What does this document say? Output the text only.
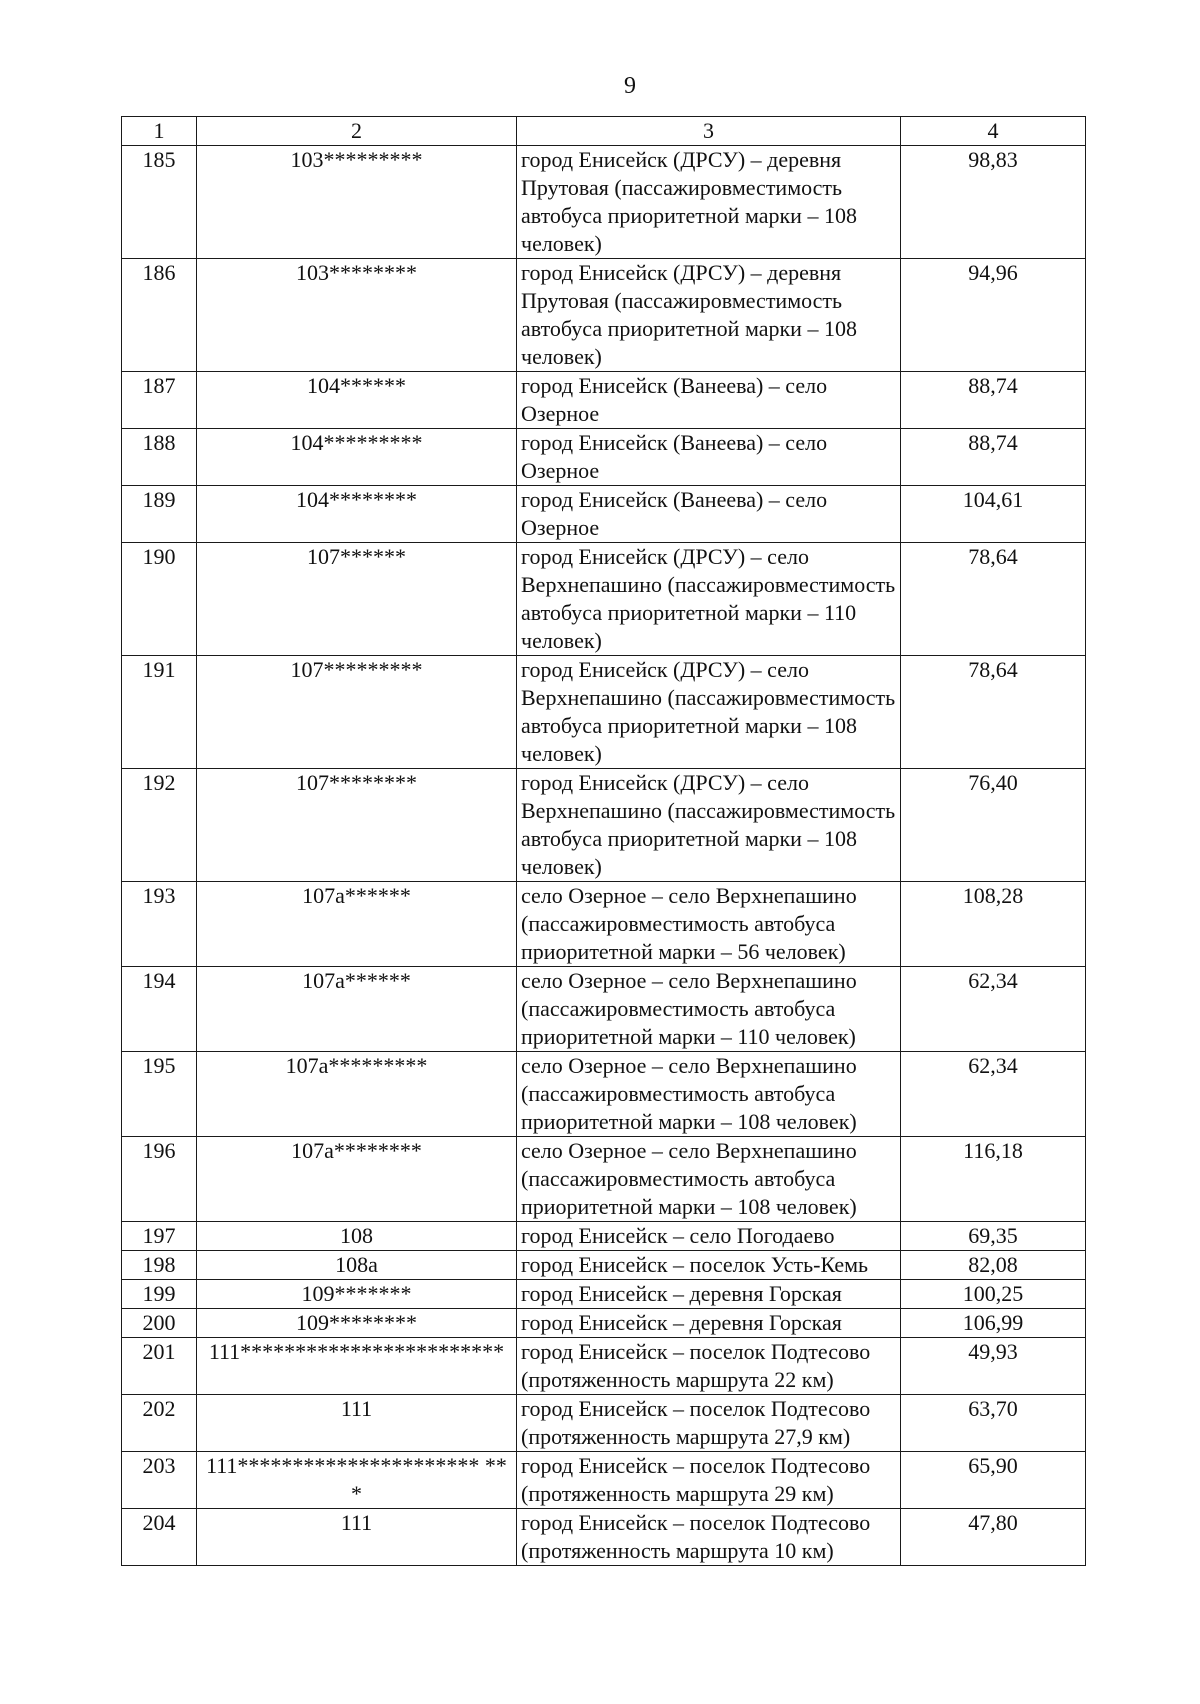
9
1	2	3	4
185	103*********	город Енисейск (ДРСУ) – деревня Прутовая (пассажировместимость автобуса приоритетной марки – 108 человек)	98,83
186	103********	город Енисейск (ДРСУ) – деревня Прутовая (пассажировместимость автобуса приоритетной марки – 108 человек)	94,96
187	104******	город Енисейск (Ванеева) – село Озерное	88,74
188	104*********	город Енисейск (Ванеева) – село Озерное	88,74
189	104********	город Енисейск (Ванеева) – село Озерное	104,61
190	107******	город Енисейск (ДРСУ) – село Верхнепашино (пассажировместимость автобуса приоритетной марки – 110 человек)	78,64
191	107*********	город Енисейск (ДРСУ) – село Верхнепашино (пассажировместимость автобуса приоритетной марки – 108 человек)	78,64
192	107********	город Енисейск (ДРСУ) – село Верхнепашино (пассажировместимость автобуса приоритетной марки – 108 человек)	76,40
193	107а******	село Озерное – село Верхнепашино (пассажировместимость автобуса приоритетной марки – 56 человек)	108,28
194	107а******	село Озерное – село Верхнепашино (пассажировместимость автобуса приоритетной марки – 110 человек)	62,34
195	107а*********	село Озерное – село Верхнепашино (пассажировместимость автобуса приоритетной марки – 108 человек)	62,34
196	107а********	село Озерное – село Верхнепашино (пассажировместимость автобуса приоритетной марки – 108 человек)	116,18
197	108	город Енисейск – село Погодаево	69,35
198	108а	город Енисейск – поселок Усть-Кемь	82,08
199	109*******	город Енисейск – деревня Горская	100,25
200	109********	город Енисейск – деревня Горская	106,99
201	111************************	город Енисейск – поселок Подтесово (протяженность маршрута 22 км)	49,93
202	111	город Енисейск – поселок Подтесово (протяженность маршрута 27,9 км)	63,70
203	111********************** ***	город Енисейск – поселок Подтесово (протяженность маршрута 29 км)	65,90
204	111	город Енисейск – поселок Подтесово (протяженность маршрута 10 км)	47,80
